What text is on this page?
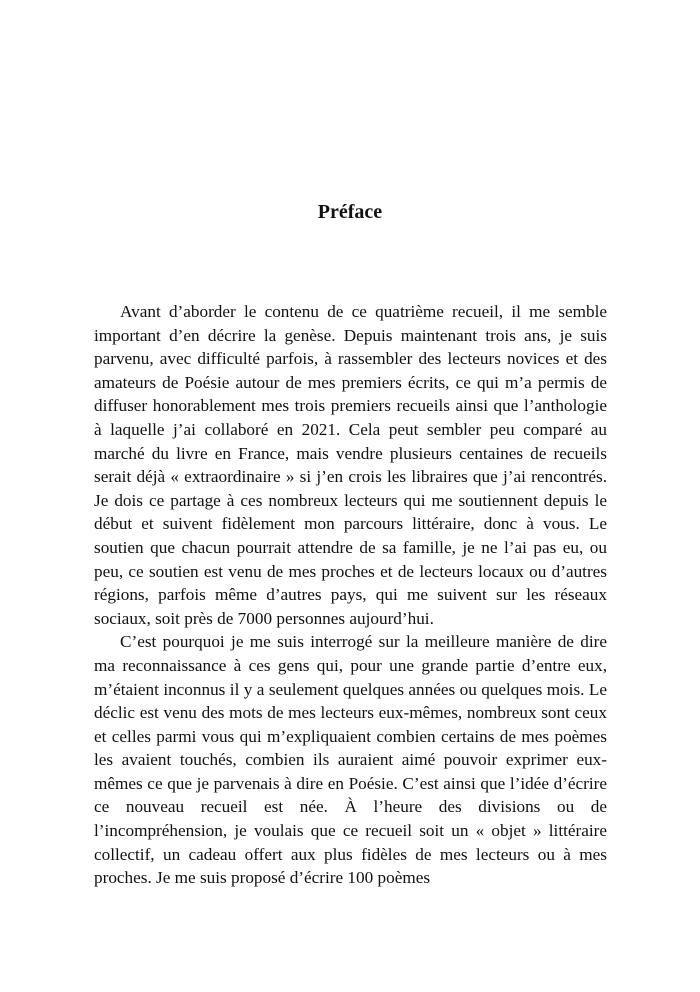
Préface

Avant d’aborder le contenu de ce quatrième recueil, il me semble important d’en décrire la genèse. Depuis maintenant trois ans, je suis parvenu, avec difficulté parfois, à rassembler des lecteurs novices et des amateurs de Poésie autour de mes premiers écrits, ce qui m’a permis de diffuser honorablement mes trois premiers recueils ainsi que l’anthologie à laquelle j’ai collaboré en 2021. Cela peut sembler peu comparé au marché du livre en France, mais vendre plusieurs centaines de recueils serait déjà « extraordinaire » si j’en crois les libraires que j’ai rencontrés. Je dois ce partage à ces nombreux lecteurs qui me soutiennent depuis le début et suivent fidèlement mon parcours littéraire, donc à vous. Le soutien que chacun pourrait attendre de sa famille, je ne l’ai pas eu, ou peu, ce soutien est venu de mes proches et de lecteurs locaux ou d’autres régions, parfois même d’autres pays, qui me suivent sur les réseaux sociaux, soit près de 7000 personnes aujourd’hui.

C’est pourquoi je me suis interrogé sur la meilleure manière de dire ma reconnaissance à ces gens qui, pour une grande partie d’entre eux, m’étaient inconnus il y a seulement quelques années ou quelques mois. Le déclic est venu des mots de mes lecteurs eux-mêmes, nombreux sont ceux et celles parmi vous qui m’expliquaient combien certains de mes poèmes les avaient touchés, combien ils auraient aimé pouvoir exprimer eux-mêmes ce que je parvenais à dire en Poésie. C’est ainsi que l’idée d’écrire ce nouveau recueil est née. À l’heure des divisions ou de l’incompréhension, je voulais que ce recueil soit un « objet » littéraire collectif, un cadeau offert aux plus fidèles de mes lecteurs ou à mes proches. Je me suis proposé d’écrire 100 poèmes
